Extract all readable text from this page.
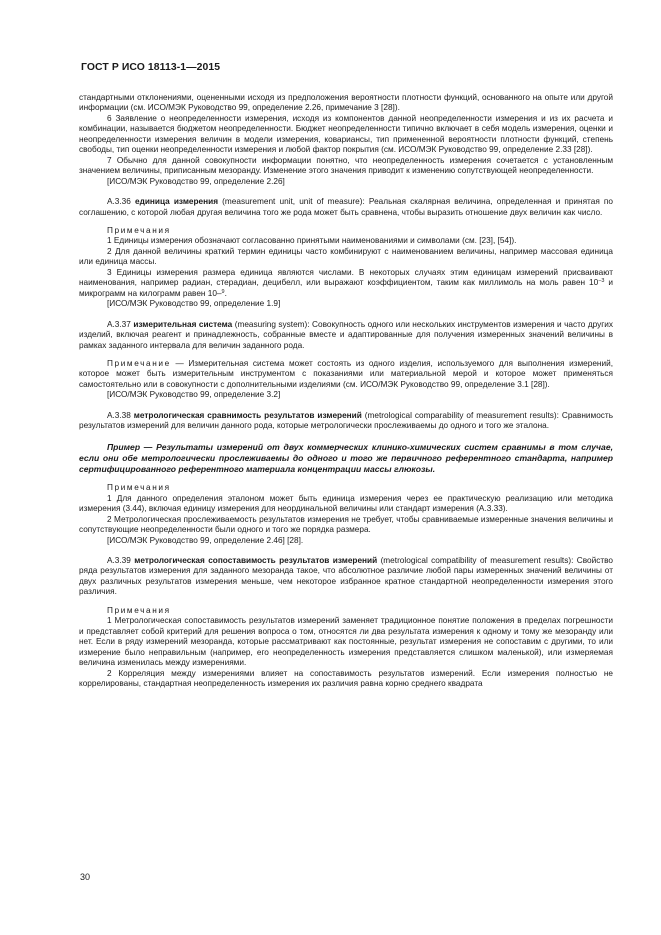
ГОСТ Р ИСО 18113-1—2015

стандартными отклонениями, оцененными исходя из предположения вероятности плотности функций, основанного на опыте или другой информации (см. ИСО/МЭК Руководство 99, определение 2.26, примечание 3 [28]).

6 Заявление о неопределенности измерения, исходя из компонентов данной неопределенности измерения и из их расчета и комбинации, называется бюджетом неопределенности. Бюджет неопределенности типично включает в себя модель измерения, оценки и неопределенности измерения величин в модели измерения, ковариансы, тип примененной вероятности плотности функций, степень свободы, тип оценки неопределенности измерения и любой фактор покрытия (см. ИСО/МЭК Руководство 99, определение 2.33 [28]).

7 Обычно для данной совокупности информации понятно, что неопределенность измерения сочетается с установленным значением величины, приписанным мезоранду. Изменение этого значения приводит к изменению сопутствующей неопределенности.

[ИСО/МЭК Руководство 99, определение 2.26]

А.3.36 единица измерения (measurement unit, unit of measure): Реальная скалярная величина, определенная и принятая по соглашению, с которой любая другая величина того же рода может быть сравнена, чтобы выразить отношение двух величин как число.

Примечания

1 Единицы измерения обозначают согласованно принятыми наименованиями и символами (см. [23], [54]).

2 Для данной величины краткий термин единицы часто комбинируют с наименованием величины, например массовая единица или единица массы.

3 Единицы измерения размера единица являются числами. В некоторых случаях этим единицам измерений присваивают наименования, например радиан, стерадиан, децибелл, или выражают коэффициентом, таким как миллимоль на моль равен $10^{-3}$ и микрограмм на килограмм равен 10–$^9$.

[ИСО/МЭК Руководство 99, определение 1.9]

А.3.37 измерительная система (measuring system): Совокупность одного или нескольких инструментов измерения и часто других изделий, включая реагент и принадлежность, собранные вместе и адаптированные для получения измеренных значений величины в рамках заданного интервала для величин заданного рода.

Примечание — Измерительная система может состоять из одного изделия, используемого для выполнения измерений, которое может быть измерительным инструментом с показаниями или материальной мерой и которое может применяться самостоятельно или в совокупности с дополнительными изделиями (см. ИСО/МЭК Руководство 99, определение 3.1 [28]).

[ИСО/МЭК Руководство 99, определение 3.2]

А.3.38 метрологическая сравнимость результатов измерений (metrological comparability of measurement results): Сравнимость результатов измерений для величин данного рода, которые метрологически прослеживаемы до одного и того же эталона.

Пример — Результаты измерений от двух коммерческих клинико-химических систем сравнимы в том случае, если они обе метрологически прослеживаемы до одного и того же первичного референтного стандарта, например сертифицированного референтного материала концентрации массы глюкозы.

Примечания

1 Для данного определения эталоном может быть единица измерения через ее практическую реализацию или методика измерения (3.44), включая единицу измерения для неординальной величины или стандарт измерения (А.3.33).

2 Метрологическая прослеживаемость результатов измерения не требует, чтобы сравниваемые измеренные значения величины и сопутствующие неопределенности были одного и того же порядка размера.

[ИСО/МЭК Руководство 99, определение 2.46] [28].

А.3.39 метрологическая сопоставимость результатов измерений (metrological compatibility of measurement results): Свойство ряда результатов измерения для заданного мезоранда такое, что абсолютное различие любой пары измеренных значений величины от двух различных результатов измерения меньше, чем некоторое избранное кратное стандартной неопределенности измерения этого различия.

Примечания

1 Метрологическая сопоставимость результатов измерений заменяет традиционное понятие положения в пределах погрешности и представляет собой критерий для решения вопроса о том, относятся ли два результата измерения к одному и тому же мезоранду или нет. Если в ряду измерений мезоранда, которые рассматривают как постоянные, результат измерения не сопоставим с другими, то или измерение было неправильным (например, его неопределенность измерения представляется слишком маленькой), или измеряемая величина изменилась между измерениями.

2 Корреляция между измерениями влияет на сопоставимость результатов измерений. Если измерения полностью не коррелированы, стандартная неопределенность измерения их различия равна корню среднего квадрата

30
